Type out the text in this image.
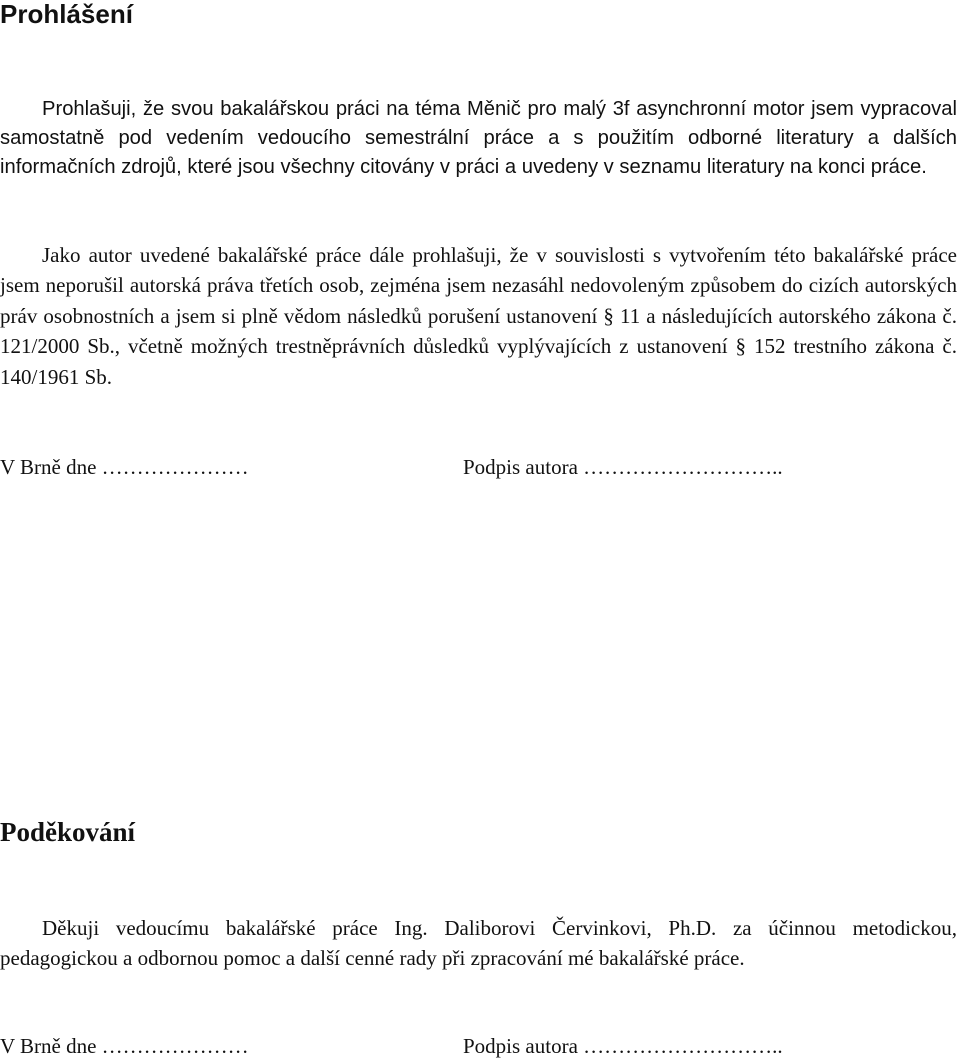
Prohlášení

Prohlašuji, že svou bakalářskou práci na téma Měnič pro malý 3f asynchronní motor jsem vypracoval samostatně pod vedením vedoucího semestrální práce a s použitím odborné literatury a dalších informačních zdrojů, které jsou všechny citovány v práci a uvedeny v seznamu literatury na konci práce.

Jako autor uvedené bakalářské práce dále prohlašuji, že v souvislosti s vytvořením této bakalářské práce jsem neporušil autorská práva třetích osob, zejména jsem nezasáhl nedovoleným způsobem do cizích autorských práv osobnostních a jsem si plně vědom následků porušení ustanovení § 11 a následujících autorského zákona č. 121/2000 Sb., včetně možných trestněprávních důsledků vyplývajících z ustanovení § 152 trestního zákona č. 140/1961 Sb.

V Brně dne …………………	Podpis autora ………………………..
Poděkování

Děkuji vedoucímu bakalářské práce Ing. Daliborovi Červinkovi, Ph.D. za účinnou metodickou, pedagogickou a odbornou pomoc a další cenné rady při zpracování mé bakalářské práce.

V Brně dne …………………	Podpis autora ………………………..
